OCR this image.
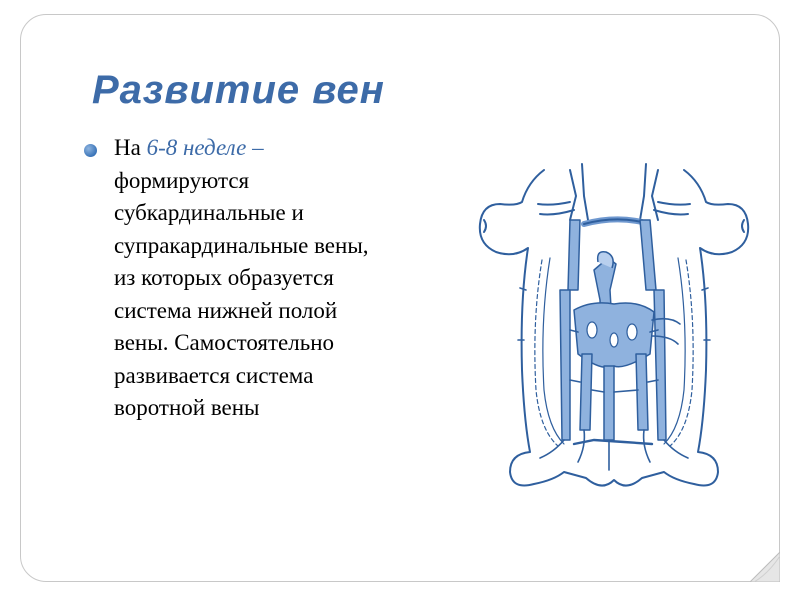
Развитие вен
На 6-8 неделе – формируются субкардинальные и супракардинальные вены, из которых образуется система нижней полой вены. Самостоятельно развивается система воротной вены
